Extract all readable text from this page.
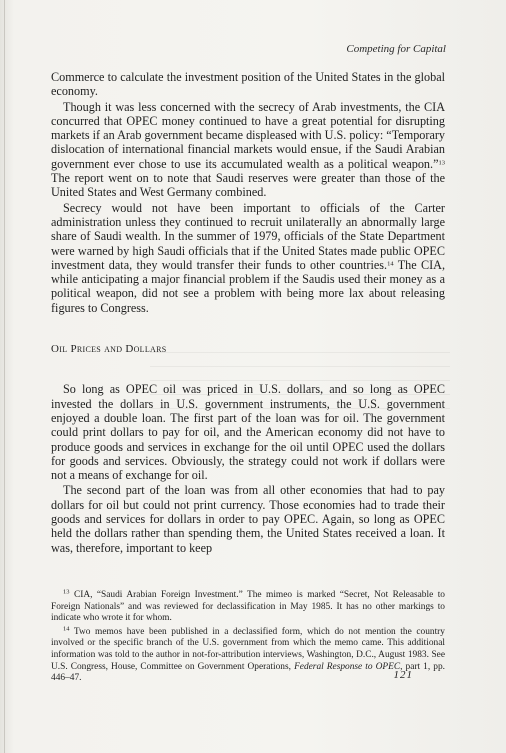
Competing for Capital

Commerce to calculate the investment position of the United States in the global economy.

Though it was less concerned with the secrecy of Arab investments, the CIA concurred that OPEC money continued to have a great potential for disrupting markets if an Arab government became displeased with U.S. policy: “Temporary dislocation of international financial markets would ensue, if the Saudi Arabian government ever chose to use its accumulated wealth as a political weapon.”$^{13}$ The report went on to note that Saudi reserves were greater than those of the United States and West Germany combined.

Secrecy would not have been important to officials of the Carter administration unless they continued to recruit unilaterally an abnormally large share of Saudi wealth. In the summer of 1979, officials of the State Department were warned by high Saudi officials that if the United States made public OPEC investment data, they would transfer their funds to other countries.$^{14}$ The CIA, while anticipating a major financial problem if the Saudis used their money as a political weapon, did not see a problem with being more lax about releasing figures to Congress.

Oil Prices and Dollars

So long as OPEC oil was priced in U.S. dollars, and so long as OPEC invested the dollars in U.S. government instruments, the U.S. government enjoyed a double loan. The first part of the loan was for oil. The government could print dollars to pay for oil, and the American economy did not have to produce goods and services in exchange for the oil until OPEC used the dollars for goods and services. Obviously, the strategy could not work if dollars were not a means of exchange for oil.

The second part of the loan was from all other economies that had to pay dollars for oil but could not print currency. Those economies had to trade their goods and services for dollars in order to pay OPEC. Again, so long as OPEC held the dollars rather than spending them, the United States received a loan. It was, therefore, important to keep

$^{13}$ CIA, “Saudi Arabian Foreign Investment.” The mimeo is marked “Secret, Not Releasable to Foreign Nationals” and was reviewed for declassification in May 1985. It has no other markings to indicate who wrote it for whom.

$^{14}$ Two memos have been published in a declassified form, which do not mention the country involved or the specific branch of the U.S. government from which the memo came. This additional information was told to the author in not-for-attribution interviews, Washington, D.C., August 1983. See U.S. Congress, House, Committee on Government Operations, Federal Response to OPEC, part 1, pp. 446–47.	121
